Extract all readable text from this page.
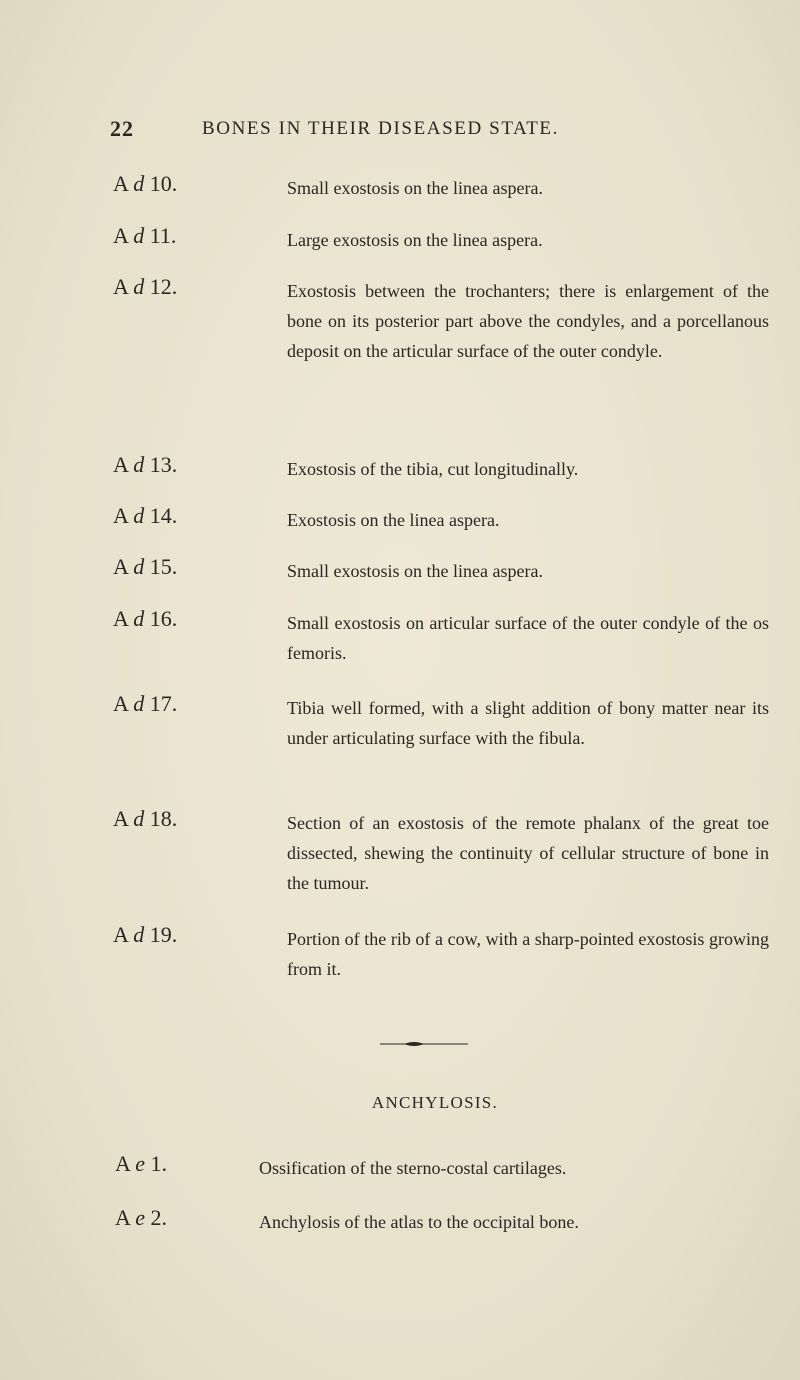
22	BONES IN THEIR DISEASED STATE.
A d 10.	Small exostosis on the linea aspera.
A d 11.	Large exostosis on the linea aspera.
A d 12.	Exostosis between the trochanters; there is enlargement of the bone on its posterior part above the condyles, and a porcellanous deposit on the articular surface of the outer condyle.
A d 13.	Exostosis of the tibia, cut longitudinally.
A d 14.	Exostosis on the linea aspera.
A d 15.	Small exostosis on the linea aspera.
A d 16.	Small exostosis on articular surface of the outer condyle of the os femoris.
A d 17.	Tibia well formed, with a slight addition of bony matter near its under articulating surface with the fibula.
A d 18.	Section of an exostosis of the remote phalanx of the great toe dissected, shewing the continuity of cellular structure of bone in the tumour.
A d 19.	Portion of the rib of a cow, with a sharp-pointed exostosis growing from it.
ANCHYLOSIS.
A e 1.	Ossification of the sterno-costal cartilages.
A e 2.	Anchylosis of the atlas to the occipital bone.
